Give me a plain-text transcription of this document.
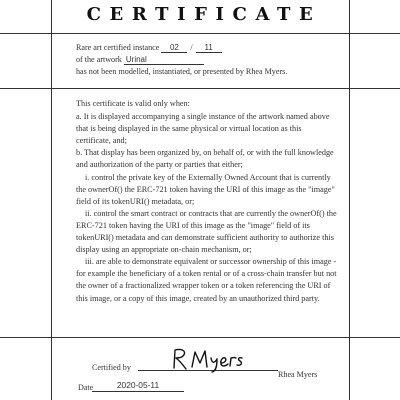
CERTIFICATE
Rare art certified instance 02 / 11
of the artwork Urinal
has not been modelled, instantiated, or presented by Rhea Myers.

This certificate is valid only when:

a. It is displayed accompanying a single instance of the artwork named above that is being displayed in the same physical or virtual location as this certificate, and;

b. That display has been organized by, on behalf of, or with the full knowledge and authorization of the party or parties that either;

i. control the private key of the Externally Owned Account that is currently the ownerOf() the ERC-721 token having the URI of this image as the "image" field of its tokenURI() metadata, or;

ii. control the smart contract or contracts that are currently the ownerOf() the ERC-721 token having the URI of this image as the "image" field of its tokenURI() metadata and can demonstrate sufficient authority to authorize this display using an appropriate on-chain mechanism, or;

iii. are able to demonstrate equivalent or successor ownership of this image - for example the beneficiary of a token rental or of a cross-chain transfer but not the owner of a fractionalized wrapper token or a token referencing the URI of this image, or a copy of this image, created by an unauthorized third party.

Certified by
Rhea Myers
Date	2020-05-11
